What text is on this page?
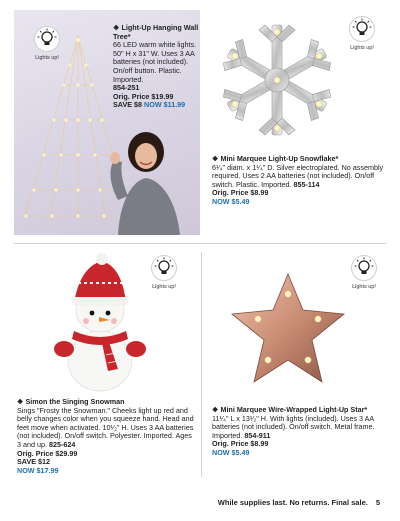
Lights up!
❖ Light-Up Hanging Wall Tree*
66 LED warm white lights. 50" H x 31" W. Uses 3 AA batteries (not included). On/off button. Plastic. Imported.
854-251
Orig. Price $19.99
SAVE $8 NOW $11.99
Lights up!
❖ Mini Marquee Light-Up Snowflake*
6¹⁄₄" diam. x 1¹⁄₄" D. Silver electroplated. No assembly required. Uses 2 AA batteries (not included). On/off switch. Plastic. Imported. 855-114
Orig. Price $8.99
NOW $5.49
Lights up!
❖ Simon the Singing Snowman
Sings "Frosty the Snowman." Cheeks light up red and belly changes color when you squeeze hand. Head and feet move when activated. 10¹⁄₂" H. Uses 3 AA batteries (not included). On/off switch. Polyester. Imported. Ages 3 and up. 825-624
Orig. Price $29.99
SAVE $12
NOW $17.99
Lights up!
❖ Mini Marquee Wire-Wrapped Light-Up Star*
11¹⁄₄" L x 13¹⁄₂" H. With lights (included). Uses 3 AA batteries (not included). On/off switch. Metal frame. Imported. 854-911
Orig. Price $8.99
NOW $5.49
While supplies last. No returns. Final sale. 5
